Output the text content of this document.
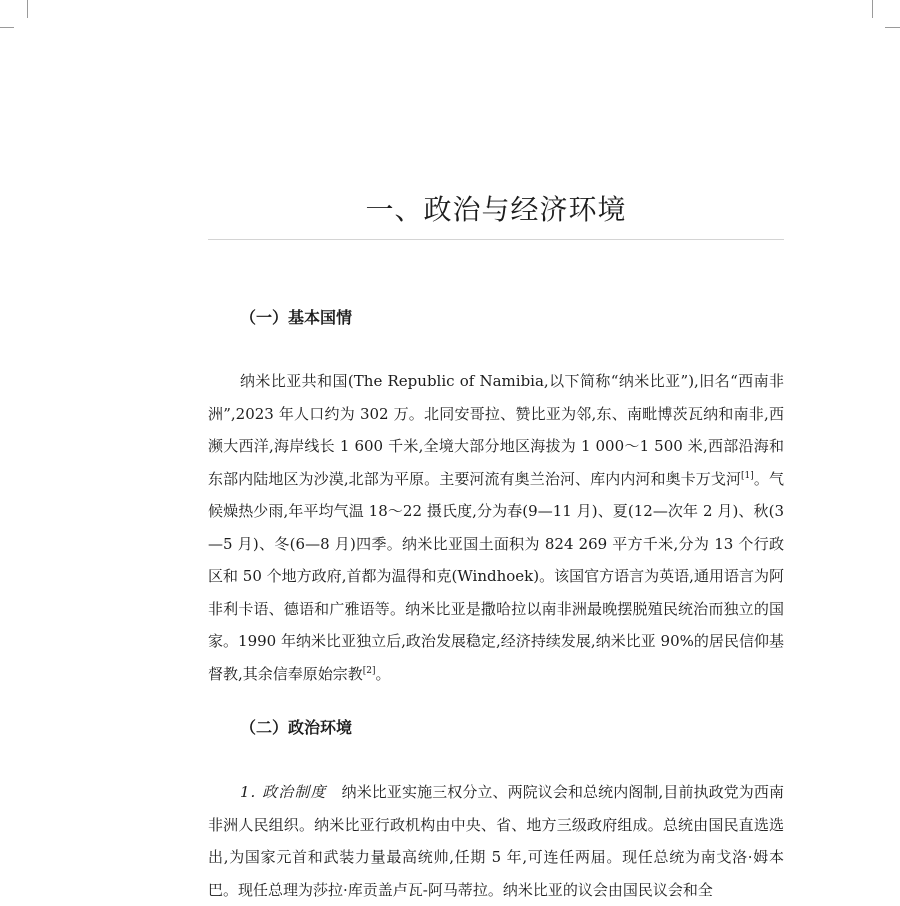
一、政治与经济环境
（一）基本国情

纳米比亚共和国(The Republic of Namibia,以下简称“纳米比亚”),旧名“西南非洲”,2023 年人口约为 302 万。北同安哥拉、赞比亚为邻,东、南毗博茨瓦纳和南非,西濒大西洋,海岸线长 1 600 千米,全境大部分地区海拔为 1 000～1 500 米,西部沿海和东部内陆地区为沙漠,北部为平原。主要河流有奥兰治河、库内内河和奥卡万戈河[1]。气候燥热少雨,年平均气温 18～22 摄氏度,分为春(9—11 月)、夏(12—次年 2 月)、秋(3—5 月)、冬(6—8 月)四季。纳米比亚国土面积为 824 269 平方千米,分为 13 个行政区和 50 个地方政府,首都为温得和克(Windhoek)。该国官方语言为英语,通用语言为阿非利卡语、德语和广雅语等。纳米比亚是撒哈拉以南非洲最晚摆脱殖民统治而独立的国家。1990 年纳米比亚独立后,政治发展稳定,经济持续发展,纳米比亚 90%的居民信仰基督教,其余信奉原始宗教[2]。

（二）政治环境

1. 政治制度　 纳米比亚实施三权分立、两院议会和总统内阁制,目前执政党为西南非洲人民组织。纳米比亚行政机构由中央、省、地方三级政府组成。总统由国民直选选出,为国家元首和武装力量最高统帅,任期 5 年,可连任两届。现任总统为南戈洛·姆本巴。现任总理为莎拉·库贡盖卢瓦-阿马蒂拉。纳米比亚的议会由国民议会和全
